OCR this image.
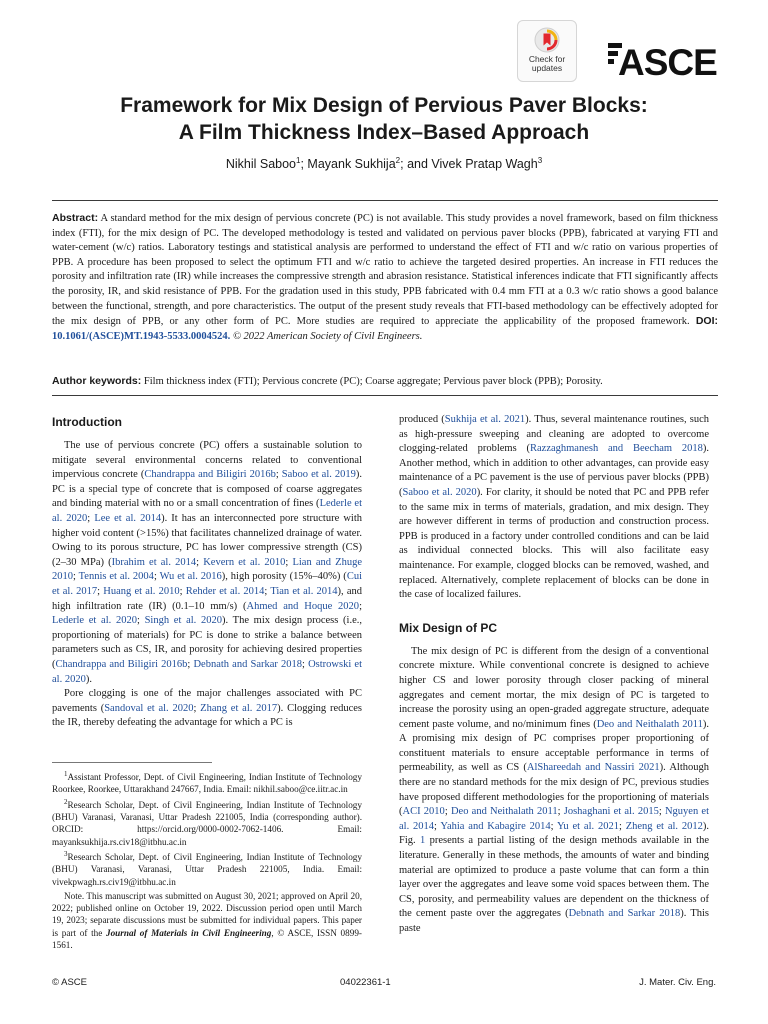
Check for
updates	ASCE
Framework for Mix Design of Pervious Paver Blocks:
A Film Thickness Index–Based Approach
Nikhil Saboo$^1$; Mayank Sukhija$^2$; and Vivek Pratap Wagh$^3$
Abstract: A standard method for the mix design of pervious concrete (PC) is not available. This study provides a novel framework, based on film thickness index (FTI), for the mix design of PC. The developed methodology is tested and validated on pervious paver blocks (PPB), fabricated at varying FTI and water-cement (w/c) ratios. Laboratory testings and statistical analysis are performed to understand the effect of FTI and w/c ratio on various properties of PPB. A procedure has been proposed to select the optimum FTI and w/c ratio to achieve the targeted desired properties. An increase in FTI reduces the porosity and infiltration rate (IR) while increases the compressive strength and abrasion resistance. Statistical inferences indicate that FTI significantly affects the porosity, IR, and skid resistance of PPB. For the gradation used in this study, PPB fabricated with 0.4 mm FTI at a 0.3 w/c ratio shows a good balance between the functional, strength, and pore characteristics. The output of the present study reveals that FTI-based methodology can be effectively adopted for the mix design of PPB, or any other form of PC. More studies are required to appreciate the applicability of the proposed framework. DOI: 10.1061/(ASCE)MT.1943-5533.0004524. © 2022 American Society of Civil Engineers.
Author keywords: Film thickness index (FTI); Pervious concrete (PC); Coarse aggregate; Pervious paver block (PPB); Porosity.
Introduction

The use of pervious concrete (PC) offers a sustainable solution to mitigate several environmental concerns related to conventional impervious concrete (Chandrappa and Biligiri 2016b; Saboo et al. 2019). PC is a special type of concrete that is composed of coarse aggregates and binding material with no or a small concentration of fines (Lederle et al. 2020; Lee et al. 2014). It has an interconnected pore structure with higher void content (>15%) that facilitates channelized drainage of water. Owing to its porous structure, PC has lower compressive strength (CS) (2–30 MPa) (Ibrahim et al. 2014; Kevern et al. 2010; Lian and Zhuge 2010; Tennis et al. 2004; Wu et al. 2016), high porosity (15%–40%) (Cui et al. 2017; Huang et al. 2010; Rehder et al. 2014; Tian et al. 2014), and high infiltration rate (IR) (0.1–10 mm/s) (Ahmed and Hoque 2020; Lederle et al. 2020; Singh et al. 2020). The mix design process (i.e., proportioning of materials) for PC is done to strike a balance between parameters such as CS, IR, and porosity for achieving desired properties (Chandrappa and Biligiri 2016b; Debnath and Sarkar 2018; Ostrowski et al. 2020).

Pore clogging is one of the major challenges associated with PC pavements (Sandoval et al. 2020; Zhang et al. 2017). Clogging reduces the IR, thereby defeating the advantage for which a PC is

$^1$Assistant Professor, Dept. of Civil Engineering, Indian Institute of Technology Roorkee, Roorkee, Uttarakhand 247667, India. Email: nikhil.saboo@ce.iitr.ac.in

$^2$Research Scholar, Dept. of Civil Engineering, Indian Institute of Technology (BHU) Varanasi, Varanasi, Uttar Pradesh 221005, India (corresponding author). ORCID: https://orcid.org/0000-0002-7062-1406. Email: mayanksukhija.rs.civ18@itbhu.ac.in

$^3$Research Scholar, Dept. of Civil Engineering, Indian Institute of Technology (BHU) Varanasi, Varanasi, Uttar Pradesh 221005, India. Email: vivekpwagh.rs.civ19@itbhu.ac.in

Note. This manuscript was submitted on August 30, 2021; approved on April 20, 2022; published online on October 19, 2022. Discussion period open until March 19, 2023; separate discussions must be submitted for individual papers. This paper is part of the Journal of Materials in Civil Engineering, © ASCE, ISSN 0899-1561.

produced (Sukhija et al. 2021). Thus, several maintenance routines, such as high-pressure sweeping and cleaning are adopted to overcome clogging-related problems (Razzaghmanesh and Beecham 2018). Another method, which in addition to other advantages, can provide easy maintenance of a PC pavement is the use of pervious paver blocks (PPB) (Saboo et al. 2020). For clarity, it should be noted that PC and PPB refer to the same mix in terms of materials, gradation, and mix design. They are however different in terms of production and construction process. PPB is produced in a factory under controlled conditions and can be laid as individual connected blocks. This will also facilitate easy maintenance. For example, clogged blocks can be removed, washed, and replaced. Alternatively, complete replacement of blocks can be done in the case of localized failures.

Mix Design of PC

The mix design of PC is different from the design of a conventional concrete mixture. While conventional concrete is designed to achieve higher CS and lower porosity through closer packing of mineral aggregates and cement mortar, the mix design of PC is targeted to increase the porosity using an open-graded aggregate structure, adequate cement paste volume, and no/minimum fines (Deo and Neithalath 2011). A promising mix design of PC comprises proper proportioning of constituent materials to ensure acceptable performance in terms of permeability, as well as CS (AlShareedah and Nassiri 2021). Although there are no standard methods for the mix design of PC, previous studies have proposed different methodologies for the proportioning of materials (ACI 2010; Deo and Neithalath 2011; Joshaghani et al. 2015; Nguyen et al. 2014; Yahia and Kabagire 2014; Yu et al. 2021; Zheng et al. 2012). Fig. 1 presents a partial listing of the design methods available in the literature. Generally in these methods, the amounts of water and binding material are optimized to produce a paste volume that can form a thin layer over the aggregates and leave some void spaces between them. The CS, porosity, and permeability values are dependent on the thickness of the cement paste over the aggregates (Debnath and Sarkar 2018). This paste

© ASCE	04022361-1	J. Mater. Civ. Eng.
